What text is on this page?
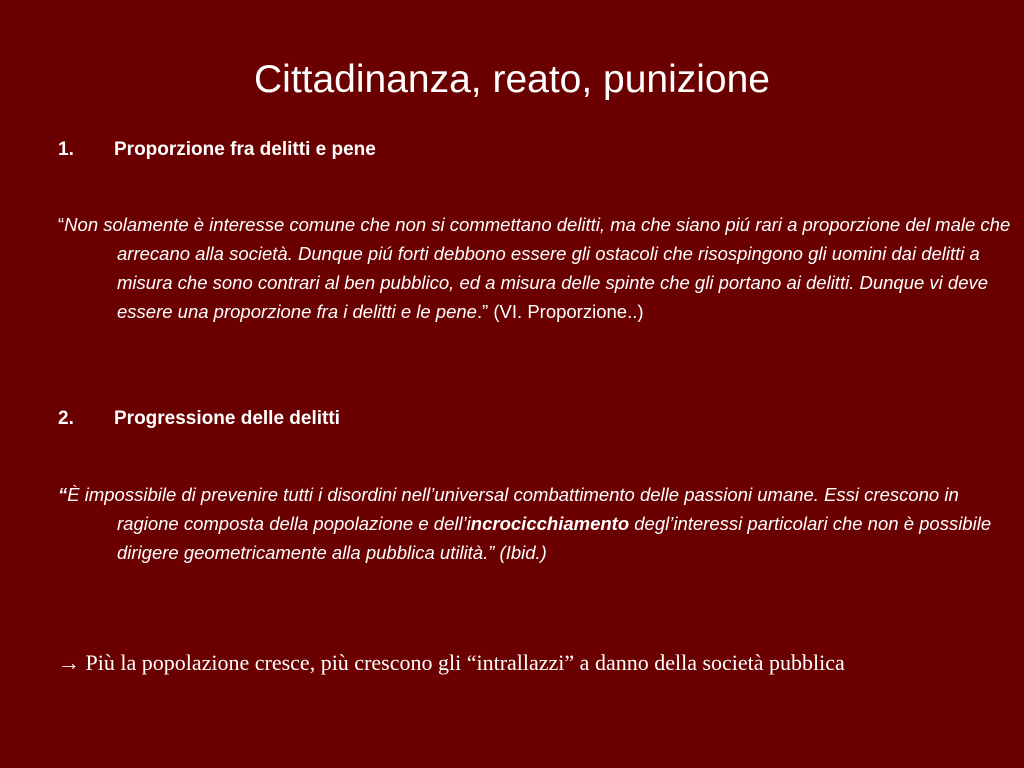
Cittadinanza, reato, punizione

1. Proporzione fra delitti e pene

“Non solamente è interesse comune che non si commettano delitti, ma che siano piú rari a proporzione del male che arrecano alla società. Dunque piú forti debbono essere gli ostacoli che risospingono gli uomini dai delitti a misura che sono contrari al ben pubblico, ed a misura delle spinte che gli portano ai delitti. Dunque vi deve essere una proporzione fra i delitti e le pene.” (VI. Proporzione..)

2. Progressione delle delitti

“È impossibile di prevenire tutti i disordini nell’universal combattimento delle passioni umane. Essi crescono in ragione composta della popolazione e dell’incrocicchiamento degl’interessi particolari che non è possibile dirigere geometricamente alla pubblica utilità.” (Ibid.)

→ Più la popolazione cresce, più crescono gli “intrallazzi” a danno della società pubblica
